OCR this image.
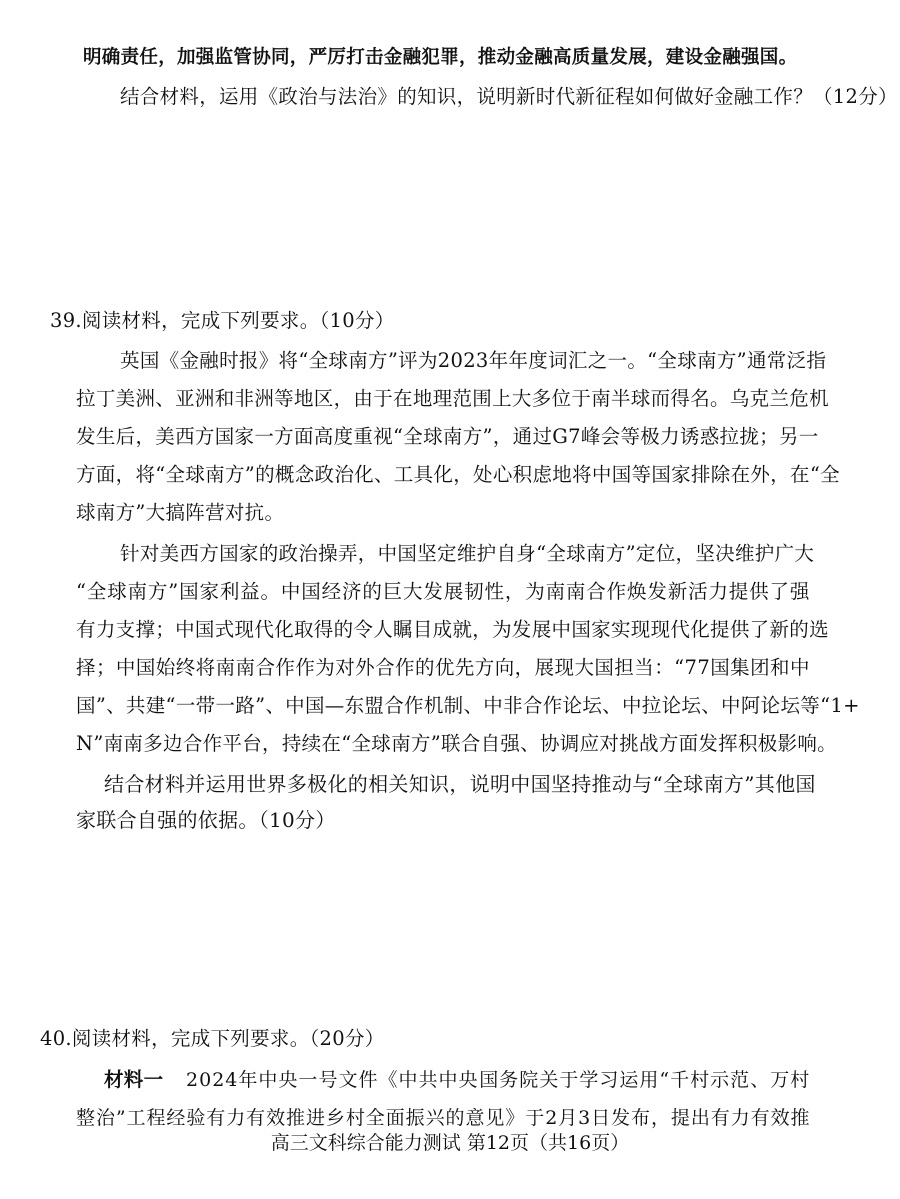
明确责任，加强监管协同，严厉打击金融犯罪，推动金融高质量发展，建设金融强国。
结合材料，运用《政治与法治》的知识，说明新时代新征程如何做好金融工作？（12分）
39.阅读材料，完成下列要求。（10分）
英 国 《 金 融 时 报 》 将 “ 全 球 南 方 ” 评 为 2 0 2 3 年 年 度 词 汇 之 一 。 “ 全 球 南 方 ” 通 常 泛 指
拉 丁 美 洲 、 亚 洲 和 非 洲 等 地 区 ， 由 于 在 地 理 范 围 上 大 多 位 于 南 半 球 而 得 名 。 乌 克 兰 危 机
发 生 后 ， 美 西 方 国 家 一 方 面 高 度 重 视 “ 全 球 南 方 ” ， 通 过 G 7 峰 会 等 极 力 诱 惑 拉 拢 ； 另 一
方 面 ， 将 “ 全 球 南 方 ” 的 概 念 政 治 化 、 工 具 化 ， 处 心 积 虑 地 将 中 国 等 国 家 排 除 在 外 ， 在 “ 全
球南方”大搞阵营对抗。
针 对 美 西 方 国 家 的 政 治 操 弄 ， 中 国 坚 定 维 护 自 身 “ 全 球 南 方 ” 定 位 ， 坚 决 维 护 广 大
“ 全 球 南 方 ” 国 家 利 益 。 中 国 经 济 的 巨 大 发 展 韧 性 ， 为 南 南 合 作 焕 发 新 活 力 提 供 了 强
有 力 支 撑 ； 中 国 式 现 代 化 取 得 的 令 人 瞩 目 成 就 ， 为 发 展 中 国 家 实 现 现 代 化 提 供 了 新 的 选
择 ； 中 国 始 终 将 南 南 合 作 作 为 对 外 合 作 的 优 先 方 向 ， 展 现 大 国 担 当 ： “ 7 7 国 集 团 和 中
国 ” 、 共 建 “ 一 带 一 路 ” 、 中 国 — 东 盟 合 作 机 制 、 中 非 合 作 论 坛 、 中 拉 论 坛 、 中 阿 论 坛 等 “ 1 +
N”南南多边合作平台，持续在“全球南方”联合自强、协调应对挑战方面发挥积极影响。
结 合 材 料 并 运 用 世 界 多 极 化 的 相 关 知 识 ， 说 明 中 国 坚 持 推 动 与 “ 全 球 南 方 ” 其 他 国
家联合自强的依据。（10分）
40.阅读材料，完成下列要求。（20分）
材料一 2 0 2 4 年 中 央 一 号 文 件 《 中 共 中 央 国 务 院 关 于 学 习 运 用 “ 千 村 示 范 、 万 村
整 治 ” 工 程 经 验 有 力 有 效 推 进 乡 村 全 面 振 兴 的 意 见 》 于 2 月 3 日 发 布 ， 提 出 有 力 有 效 推
高三文科综合能力测试 第12页（共16页）
